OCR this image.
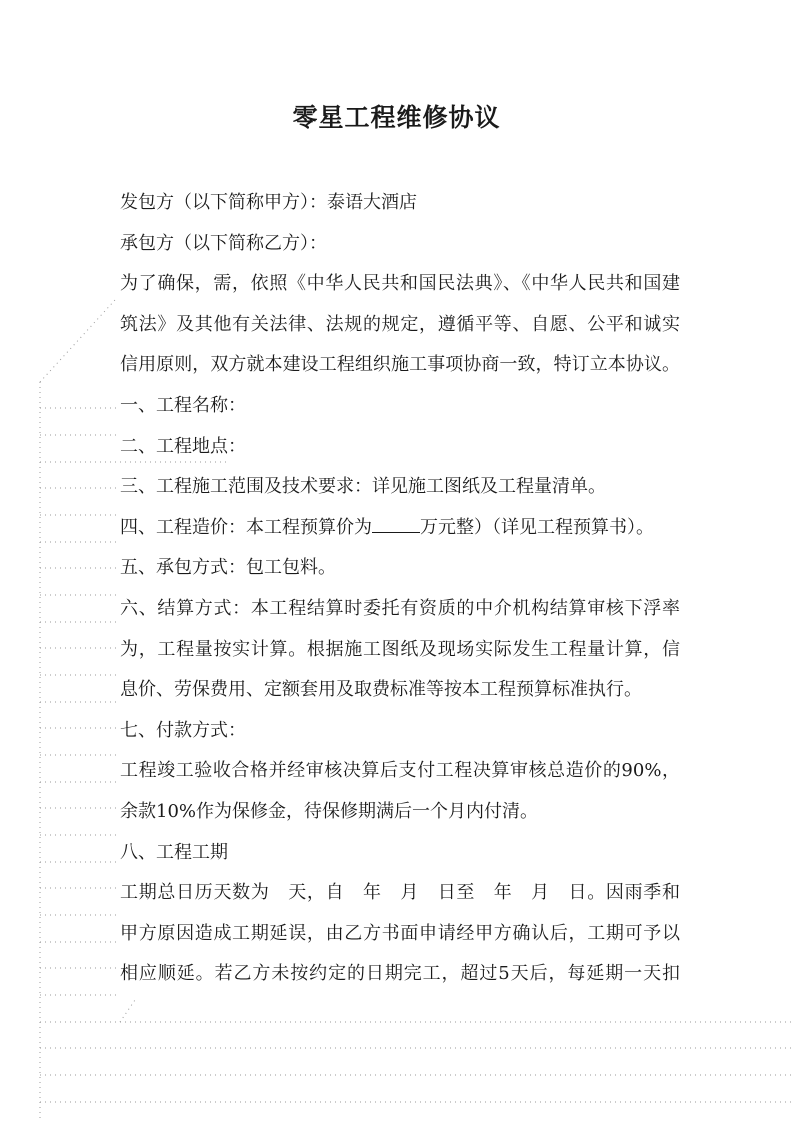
零星工程维修协议
发包方（以下简称甲方）：泰语大酒店
承包方（以下简称乙方）：
为了确保，需，依照《中华人民共和国民法典》、《中华人民共和国建
筑法》及其他有关法律、法规的规定，遵循平等、自愿、公平和诚实
信用原则，双方就本建设工程组织施工事项协商一致，特订立本协议。
一、工程名称：
二、工程地点：
三、工程施工范围及技术要求：详见施工图纸及工程量清单。
四、工程造价：本工程预算价为	万元整）（详见工程预算书）。
五、承包方式：包工包料。
六、结算方式：本工程结算时委托有资质的中介机构结算审核下浮率
为，工程量按实计算。根据施工图纸及现场实际发生工程量计算，信
息价、劳保费用、定额套用及取费标准等按本工程预算标准执行。
七、付款方式：
工程竣工验收合格并经审核决算后支付工程决算审核总造价的90%，
余款10%作为保修金，待保修期满后一个月内付清。
八、工程工期
工期总日历天数为　天，自　年　月　日至　年　月　日。因雨季和
甲方原因造成工期延误，由乙方书面申请经甲方确认后，工期可予以
相应顺延。若乙方未按约定的日期完工，超过5天后，每延期一天扣
